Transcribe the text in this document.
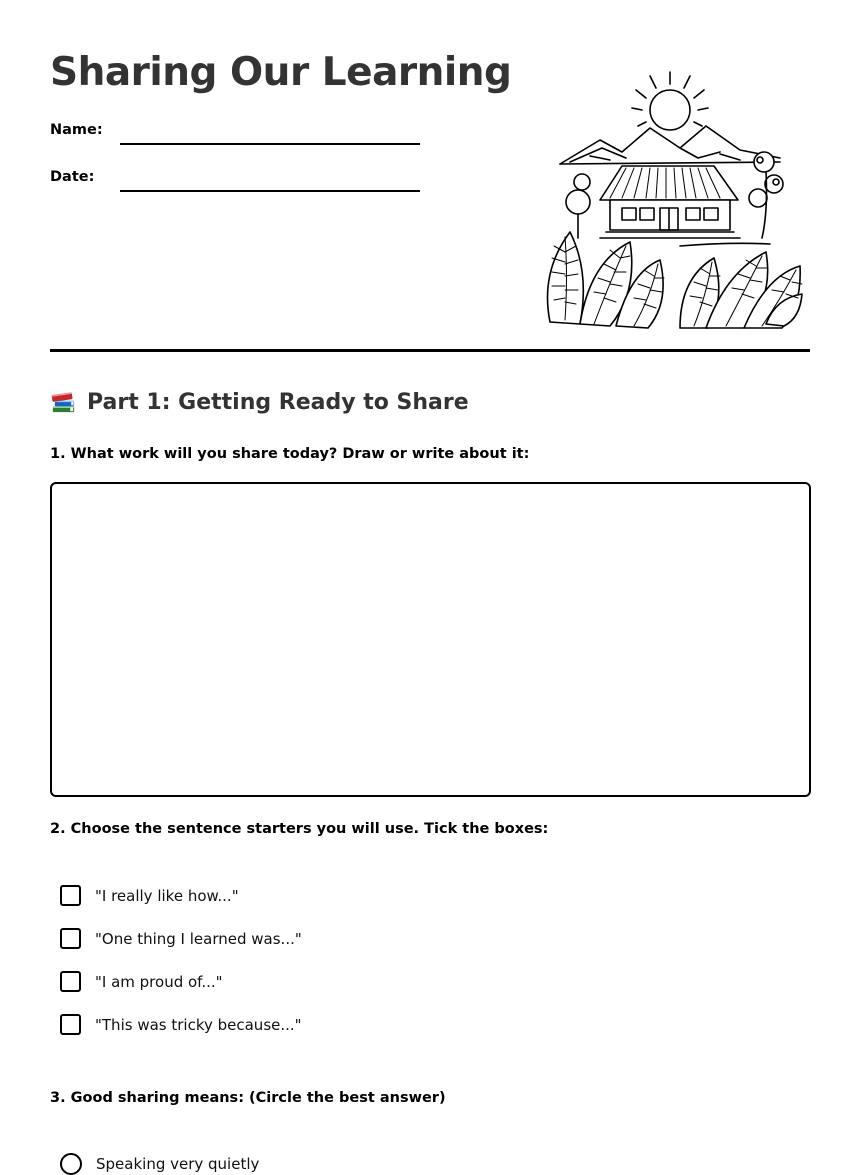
Sharing Our Learning
Name:
Date:
Part 1: Getting Ready to Share

1. What work will you share today? Draw or write about it:

2. Choose the sentence starters you will use. Tick the boxes:

"I really like how..."
"One thing I learned was..."
"I am proud of..."
"This was tricky because..."

3. Good sharing means: (Circle the best answer)

Speaking very quietly
